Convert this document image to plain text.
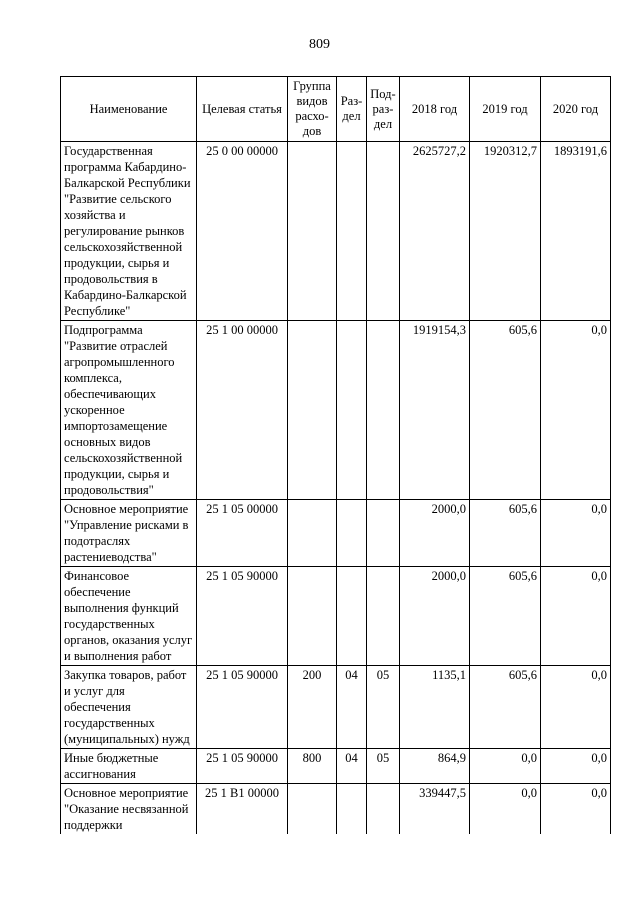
809
Наименование	Целевая статья	Группа видов расхо-дов	Раз-дел	Под-раз-дел	2018 год	2019 год	2020 год
Государственная программа Кабардино-Балкарской Республики "Развитие сельского хозяйства и регулирование рынков сельскохозяйственной продукции, сырья и продовольствия в Кабардино-Балкарской Республике"	25 0 00 00000				2625727,2	1920312,7	1893191,6
Подпрограмма "Развитие отраслей агропромышленного комплекса, обеспечивающих ускоренное импортозамещение основных видов сельскохозяйственной продукции, сырья и продовольствия"	25 1 00 00000				1919154,3	605,6	0,0
Основное мероприятие "Управление рисками в подотраслях растениеводства"	25 1 05 00000				2000,0	605,6	0,0
Финансовое обеспечение выполнения функций государственных органов, оказания услуг и выполнения работ	25 1 05 90000				2000,0	605,6	0,0
Закупка товаров, работ и услуг для обеспечения государственных (муниципальных) нужд	25 1 05 90000	200	04	05	1135,1	605,6	0,0
Иные бюджетные ассигнования	25 1 05 90000	800	04	05	864,9	0,0	0,0
Основное мероприятие "Оказание несвязанной поддержки	25 1 В1 00000				339447,5	0,0	0,0
